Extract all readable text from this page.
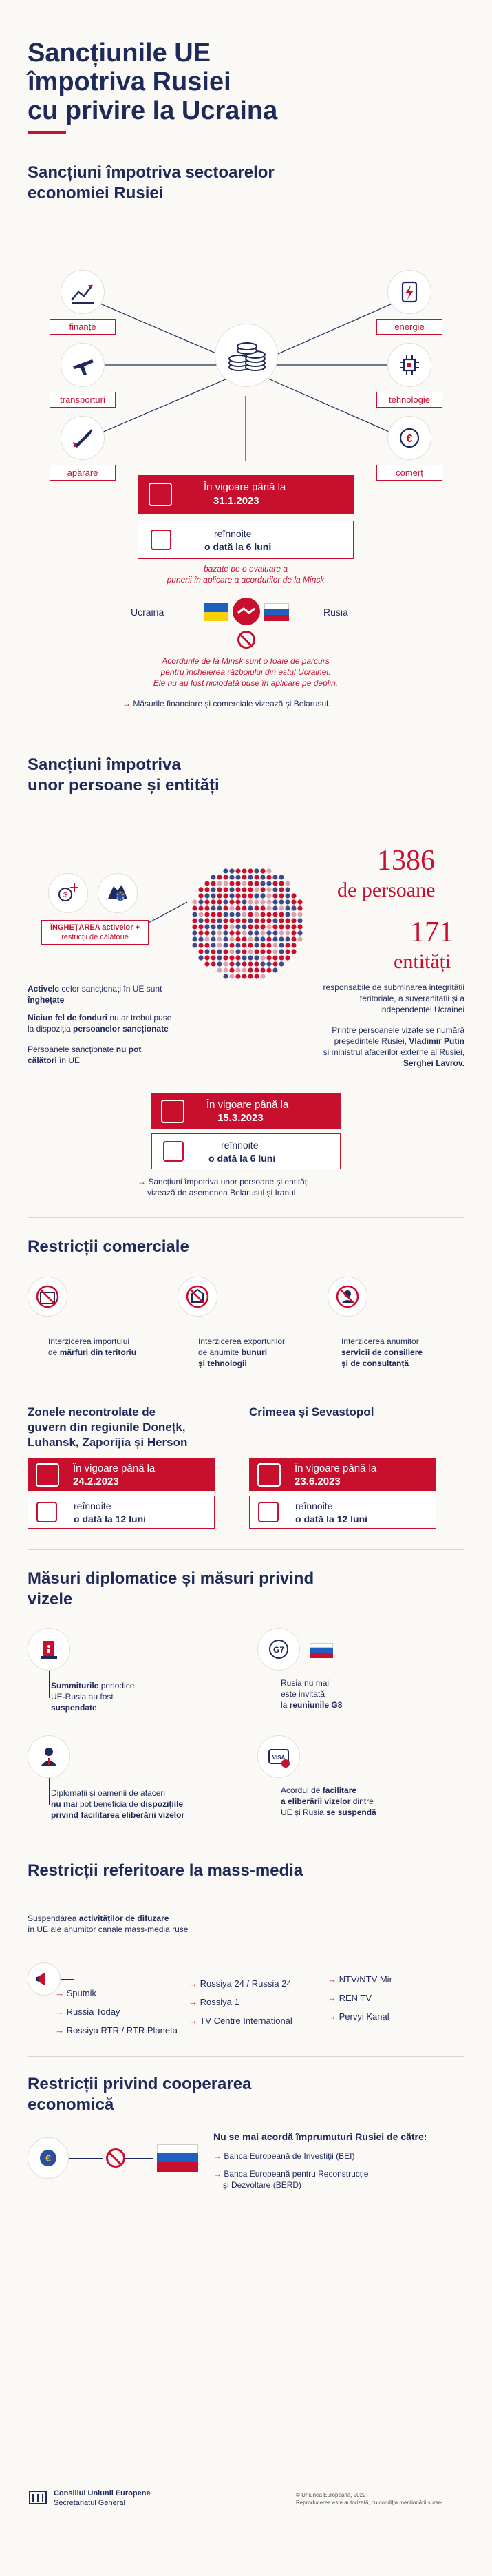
Sancțiunile UE
împotriva Rusiei
cu privire la Ucraina
Sancțiuni împotriva sectoarelor
economiei Rusiei
finanțe
transporturi
apărare
energie
tehnologie
€
comerț
În vigoare până la
31.1.2023
reînnoite
o dată la 6 luni
bazate pe o evaluare a
punerii în aplicare a acordurilor de la Minsk
Ucraina	Rusia
Acordurile de la Minsk sunt o foaie de parcurs
pentru încheierea războiului din estul Ucrainei.
Ele nu au fost niciodată puse în aplicare pe deplin.
→ Măsurile financiare și comerciale vizează și Belarusul.
Sancțiuni împotriva
unor persoane și entități
$
ÎNGHEȚAREA activelor +
restricții de călătorie
1386
de persoane
171
entități
Activele celor sancționați în UE sunt înghețate
Niciun fel de fonduri nu ar trebui puse la dispoziția persoanelor sancționate
Persoanele sancționate nu pot călători în UE
responsabile de subminarea integrității
teritoriale, a suveranității și a
independenței Ucrainei
Printre persoanele vizate se numără
președintele Rusiei, Vladimir Putin
și ministrul afacerilor externe al Rusiei,
Serghei Lavrov.
În vigoare până la
15.3.2023
reînnoite
o dată la 6 luni
→ Sancțiuni împotriva unor persoane și entități
vizează de asemenea Belarusul și Iranul.
Restricții comerciale
Interzicerea importului
de mărfuri din teritoriu
Interzicerea exporturilor
de anumite bunuri
și tehnologii
Interzicerea anumitor
servicii de consiliere
și de consultanță
Zonele necontrolate de
guvern din regiunile Donețk,
Luhansk, Zaporijia și Herson
Crimeea și Sevastopol
În vigoare până la
24.2.2023
reînnoite
o dată la 12 luni
În vigoare până la
23.6.2023
reînnoite
o dată la 12 luni
Măsuri diplomatice și măsuri privind
vizele
Summiturile periodice
UE-Rusia au fost
suspendate
G7
Rusia nu mai
este invitată
la reuniunile G8
Diplomații și oamenii de afaceri
nu mai pot beneficia de dispozițiile
privind facilitarea eliberării vizelor
VISA
Acordul de facilitare
a eliberării vizelor dintre
UE și Rusia se suspendă
Restricții referitoare la mass-media
Suspendarea activităților de difuzare
în UE ale anumitor canale mass-media ruse
→ Sputnik
→ Russia Today
→ Rossiya RTR / RTR Planeta
→ Rossiya 24 / Russia 24
→ Rossiya 1
→ TV Centre International
→ NTV/NTV Mir
→ REN TV
→ Pervyi Kanal
Restricții privind cooperarea
economică
€
Nu se mai acordă împrumuturi Rusiei de către:
→ Banca Europeană de Investiții (BEI)
→ Banca Europeană pentru Reconstrucție
și Dezvoltare (BERD)
Consiliul Uniunii Europene
Secretariatul General
© Uniunea Europeană, 2022
Reproducerea este autorizată, cu condiția menționării sursei.
